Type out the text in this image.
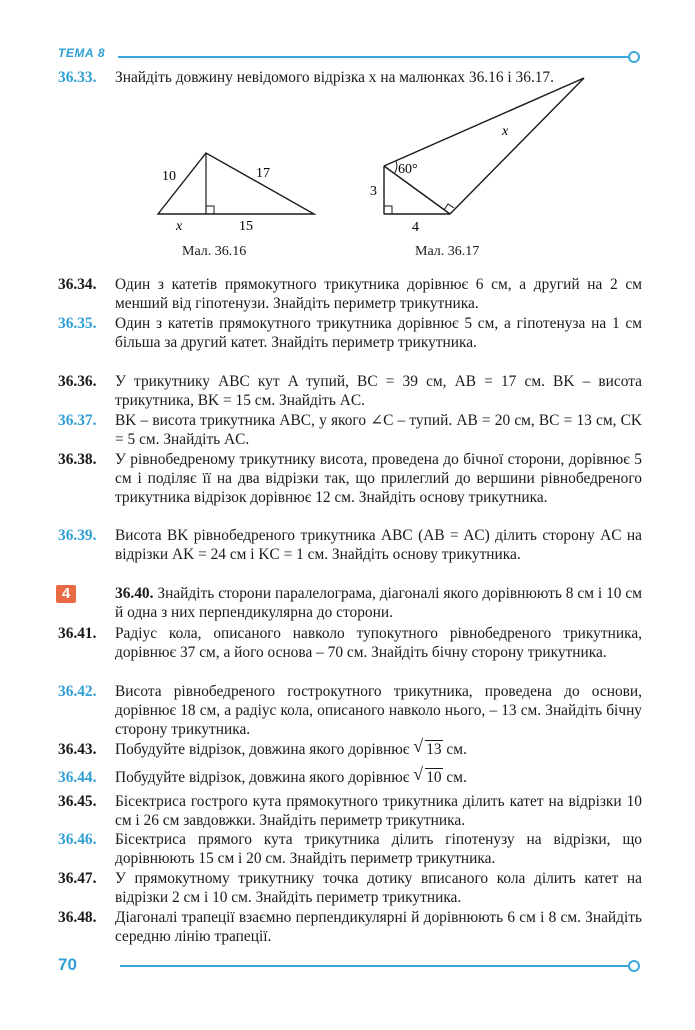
ТЕМА 8
36.33. Знайдіть довжину невідомого відрізка x на малюнках 36.16 і 36.17.
10	17
15
x
Мал. 36.16
60°
3
4
x
Мал. 36.17
36.34. Один з катетів прямокутного трикутника дорівнює 6 см, а другий на 2 см менший від гіпотенузи. Знайдіть периметр трикутника.
36.35. Один з катетів прямокутного трикутника дорівнює 5 см, а гіпотенуза на 1 см більша за другий катет. Знайдіть периметр трикутника.
36.36. У трикутнику ABC кут A тупий, BC = 39 см, AB = 17 см. BK – висота трикутника, BK = 15 см. Знайдіть AC.
36.37. BK – висота трикутника ABC, у якого ∠C – тупий. AB = 20 см, BC = 13 см, CK = 5 см. Знайдіть AC.
36.38. У рівнобедреному трикутнику висота, проведена до бічної сторони, дорівнює 5 см і поділяє її на два відрізки так, що прилеглий до вершини рівнобедреного трикутника відрізок дорівнює 12 см. Знайдіть основу трикутника.
36.39. Висота BK рівнобедреного трикутника ABC (AB = AC) ділить сторону AC на відрізки AK = 24 см і KC = 1 см. Знайдіть основу трикутника.
4	36.40. Знайдіть сторони паралелограма, діагоналі якого дорівнюють 8 см і 10 см й одна з них перпендикулярна до сторони.
36.41. Радіус кола, описаного навколо тупокутного рівнобедреного трикутника, дорівнює 37 см, а його основа – 70 см. Знайдіть бічну сторону трикутника.
36.42. Висота рівнобедреного гострокутного трикутника, проведена до основи, дорівнює 18 см, а радіус кола, описаного навколо нього, – 13 см. Знайдіть бічну сторону трикутника.
36.43. Побудуйте відрізок, довжина якого дорівнює √ 13 см.
36.44. Побудуйте відрізок, довжина якого дорівнює √ 10 см.
36.45. Бісектриса гострого кута прямокутного трикутника ділить катет на відрізки 10 см і 26 см завдовжки. Знайдіть периметр трикутника.
36.46. Бісектриса прямого кута трикутника ділить гіпотенузу на відрізки, що дорівнюють 15 см і 20 см. Знайдіть периметр трикутника.
36.47. У прямокутному трикутнику точка дотику вписаного кола ділить катет на відрізки 2 см і 10 см. Знайдіть периметр трикутника.
36.48. Діагоналі трапеції взаємно перпендикулярні й дорівнюють 6 см і 8 см. Знайдіть середню лінію трапеції.
70
